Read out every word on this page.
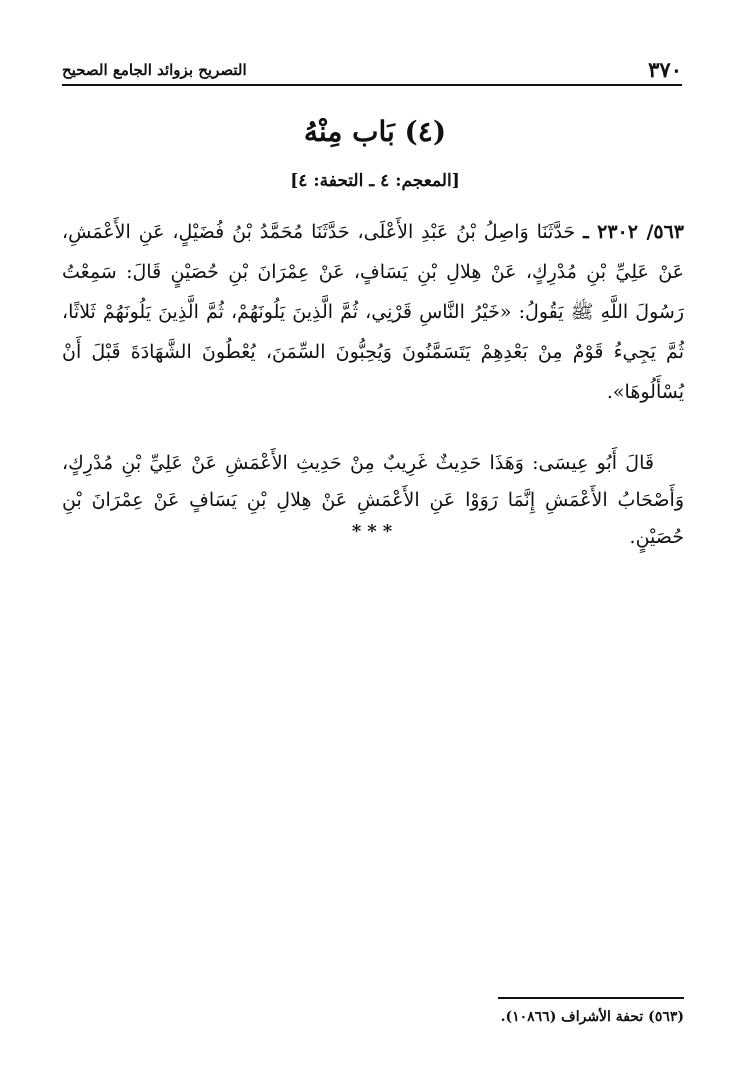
٣٧٠
التصريح بزوائد الجامع الصحيح
(٤) بَاب مِنْهُ
[المعجم: ٤ ـ التحفة: ٤]
٥٦٣/ ٢٣٠٢ ـ حَدَّثَنَا وَاصِلُ بْنُ عَبْدِ الأَعْلَى، حَدَّثَنَا مُحَمَّدُ بْنُ فُضَيْلٍ، عَنِ الأَعْمَشِ، عَنْ عَلِيِّ بْنِ مُدْرِكٍ، عَنْ هِلالِ بْنِ يَسَافٍ، عَنْ عِمْرَانَ بْنِ حُصَيْنٍ قَالَ: سَمِعْتُ رَسُولَ اللَّهِ ﷺ يَقُولُ: «خَيْرُ النَّاسِ قَرْنِي، ثُمَّ الَّذِينَ يَلُونَهُمْ، ثُمَّ الَّذِينَ يَلُونَهُمْ ثَلاثًا، ثُمَّ يَجِيءُ قَوْمٌ مِنْ بَعْدِهِمْ يَتَسَمَّنُونَ وَيُحِبُّونَ السِّمَنَ، يُعْطُونَ الشَّهَادَةَ قَبْلَ أَنْ يُسْأَلُوهَا».
قَالَ أَبُو عِيسَى: وَهَذَا حَدِيثٌ غَرِيبٌ مِنْ حَدِيثِ الأَعْمَشِ عَنْ عَلِيِّ بْنِ مُدْرِكٍ، وَأَصْحَابُ الأَعْمَشِ إِنَّمَا رَوَوْا عَنِ الأَعْمَشِ عَنْ هِلالِ بْنِ يَسَافٍ عَنْ عِمْرَانَ بْنِ حُصَيْنٍ.
***
(٥٦٣) تحفة الأشراف (١٠٨٦٦).
